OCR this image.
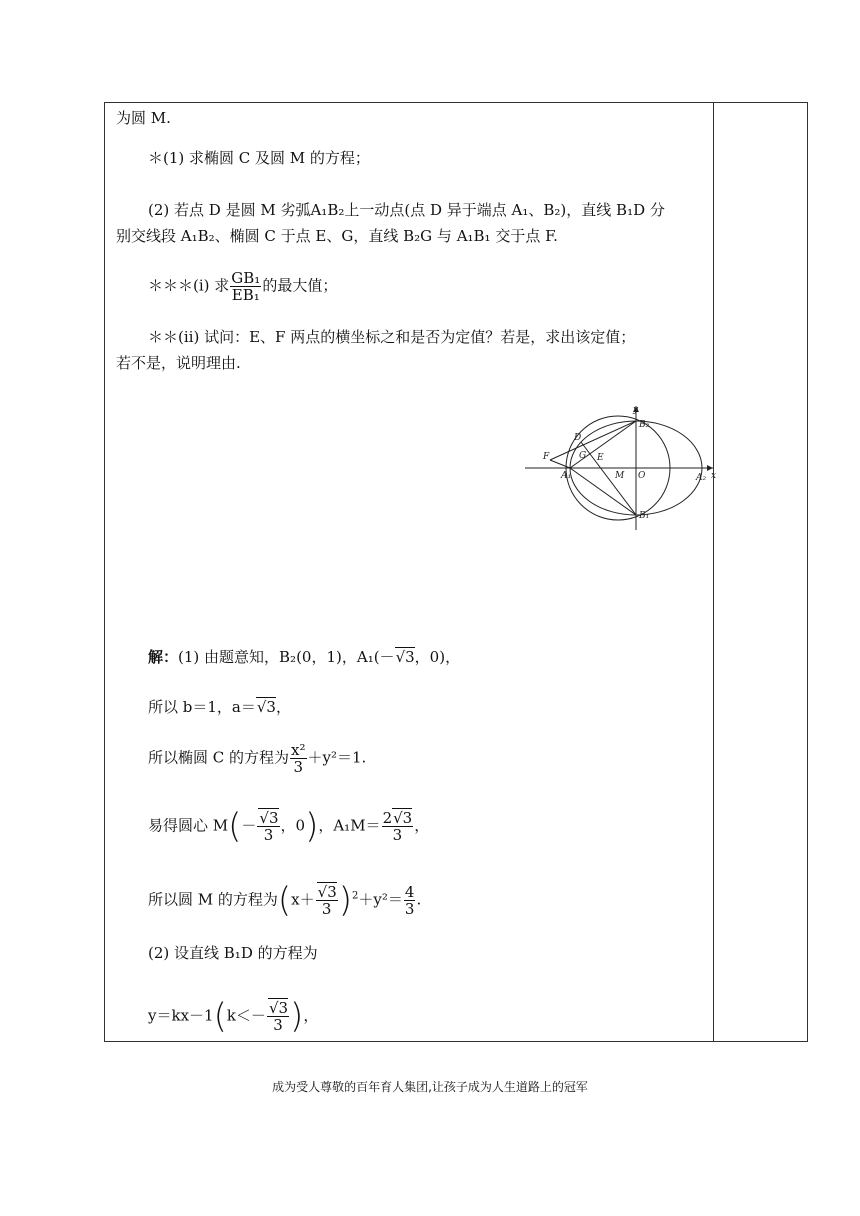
为圆 M.
＊(1) 求椭圆 C 及圆 M 的方程；
(2) 若点 D 是圆 M 劣弧A₁B₂上一动点(点 D 异于端点 A₁、B₂)，直线 B₁D 分
别交线段 A₁B₂、椭圆 C 于点 E、G，直线 B₂G 与 A₁B₁ 交于点 F.
＊＊＊(ⅰ) 求 $\frac{\text{GB₁}}{\text{EB₁}}$ 的最大值；
＊＊(ⅱ) 试问：E、F 两点的横坐标之和是否为定值？若是，求出该定值；
若不是，说明理由.
y
x
B₂
B₁
A₁	A₂
D
G E
F
M O
解：(1) 由题意知，B₂(0，1)，A₁(－ √ 3，0)，
所以 b＝1，a＝ √ 3，
所以椭圆 C 的方程为 $\frac{\text{x²}}{3} +y^2=1$.
易得圆心 M(－ √ $\frac{3}{3}$ ，0)，$A_1M= \frac{2 √ 3}{3}$ ，
所以圆 M 的方程为(x＋ √ $\frac{3}{3} )^2+y^2= \frac{4}{3}$ .
(2) 设直线 B₁D 的方程为
y＝kx－1(k＜－ √ $\frac{3}{3}$ )，
成为受人尊敬的百年育人集团,让孩子成为人生道路上的冠军
